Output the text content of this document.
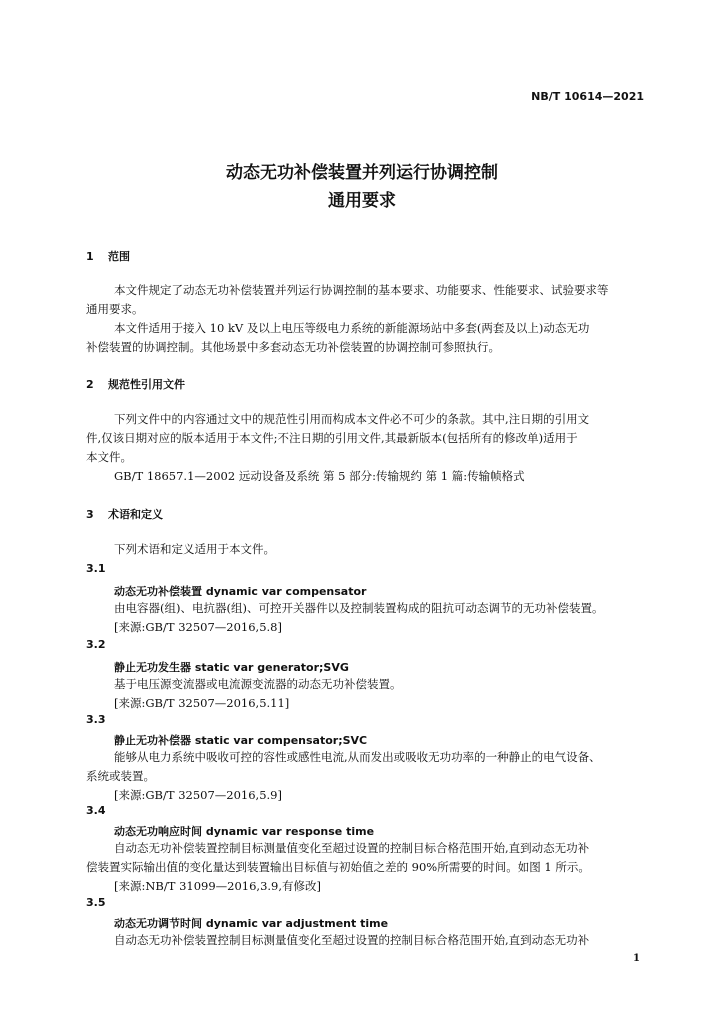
NB/T 10614—2021
动态无功补偿装置并列运行协调控制
通用要求
1 范围
本文件规定了动态无功补偿装置并列运行协调控制的基本要求、功能要求、性能要求、试验要求等
通用要求。
本文件适用于接入 10 kV 及以上电压等级电力系统的新能源场站中多套(两套及以上)动态无功
补偿装置的协调控制。其他场景中多套动态无功补偿装置的协调控制可参照执行。
2 规范性引用文件
下列文件中的内容通过文中的规范性引用而构成本文件必不可少的条款。其中,注日期的引用文
件,仅该日期对应的版本适用于本文件;不注日期的引用文件,其最新版本(包括所有的修改单)适用于
本文件。
GB/T 18657.1—2002 远动设备及系统 第 5 部分:传输规约 第 1 篇:传输帧格式
3 术语和定义
下列术语和定义适用于本文件。
3.1
动态无功补偿装置 dynamic var compensator
由电容器(组)、电抗器(组)、可控开关器件以及控制装置构成的阻抗可动态调节的无功补偿装置。
[来源:GB/T 32507—2016,5.8]
3.2
静止无功发生器 static var generator;SVG
基于电压源变流器或电流源变流器的动态无功补偿装置。
[来源:GB/T 32507—2016,5.11]
3.3
静止无功补偿器 static var compensator;SVC
能够从电力系统中吸收可控的容性或感性电流,从而发出或吸收无功功率的一种静止的电气设备、
系统或装置。
[来源:GB/T 32507—2016,5.9]
3.4
动态无功响应时间 dynamic var response time
自动态无功补偿装置控制目标测量值变化至超过设置的控制目标合格范围开始,直到动态无功补
偿装置实际输出值的变化量达到装置输出目标值与初始值之差的 90%所需要的时间。如图 1 所示。
[来源:NB/T 31099—2016,3.9,有修改]
3.5
动态无功调节时间 dynamic var adjustment time
自动态无功补偿装置控制目标测量值变化至超过设置的控制目标合格范围开始,直到动态无功补
1
